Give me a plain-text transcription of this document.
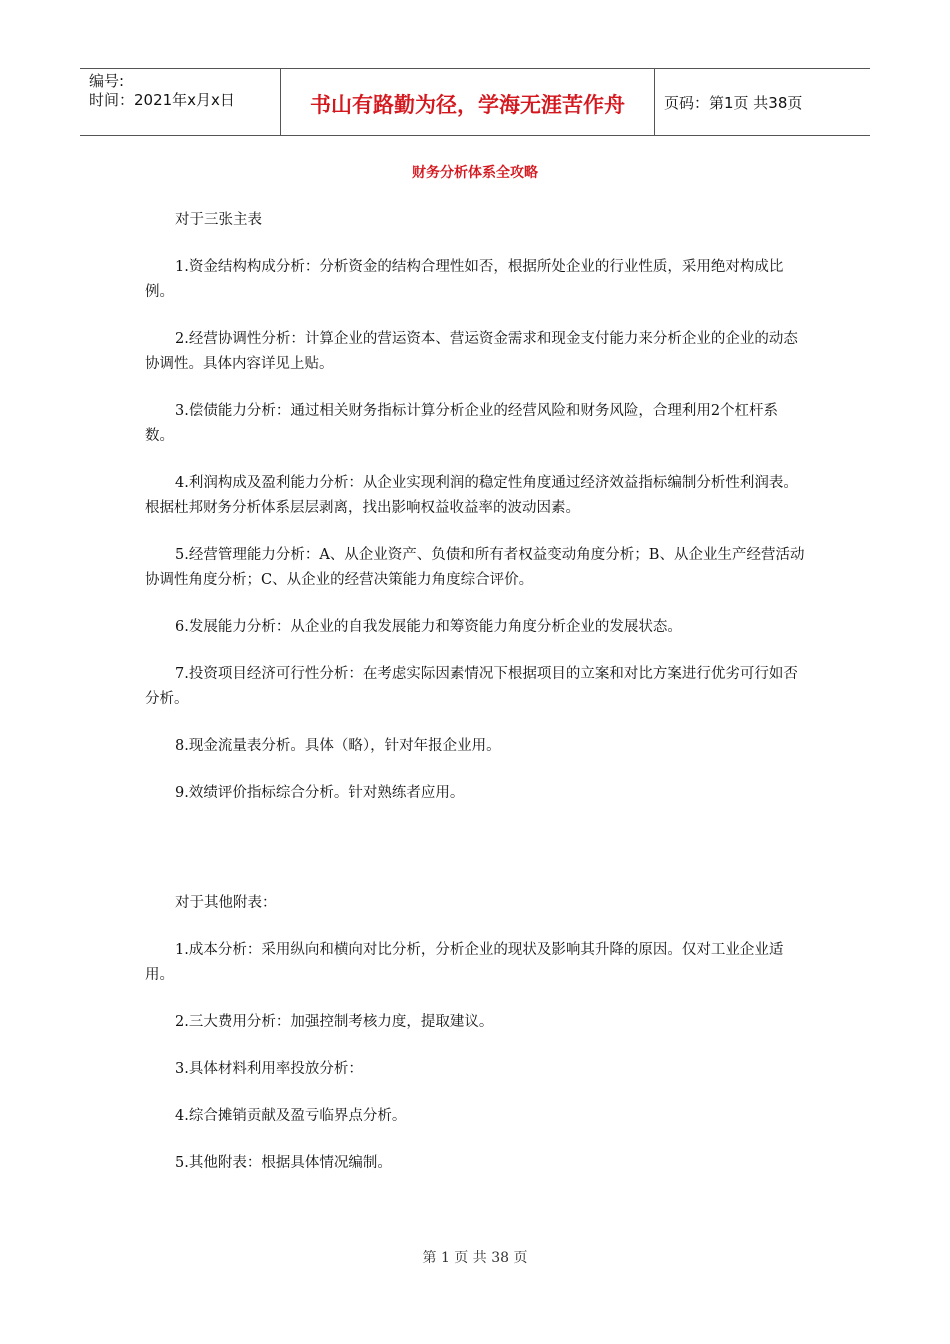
编号:
时间：2021年x月x日	书山有路勤为径，学海无涯苦作舟	页码：第1页 共38页
财务分析体系全攻略

对于三张主表

1.资金结构构成分析：分析资金的结构合理性如否，根据所处企业的行业性质，采用绝对构成比例。

2.经营协调性分析：计算企业的营运资本、营运资金需求和现金支付能力来分析企业的企业的动态协调性。具体内容详见上贴。

3.偿债能力分析：通过相关财务指标计算分析企业的经营风险和财务风险，合理利用2个杠杆系数。

4.利润构成及盈利能力分析：从企业实现利润的稳定性角度通过经济效益指标编制分析性利润表。根据杜邦财务分析体系层层剥离，找出影响权益收益率的波动因素。

5.经营管理能力分析：A、从企业资产、负债和所有者权益变动角度分析；B、从企业生产经营活动协调性角度分析；C、从企业的经营决策能力角度综合评价。

6.发展能力分析：从企业的自我发展能力和筹资能力角度分析企业的发展状态。

7.投资项目经济可行性分析：在考虑实际因素情况下根据项目的立案和对比方案进行优劣可行如否分析。

8.现金流量表分析。具体（略），针对年报企业用。

9.效绩评价指标综合分析。针对熟练者应用。

对于其他附表：

1.成本分析：采用纵向和横向对比分析，分析企业的现状及影响其升降的原因。仅对工业企业适用。

2.三大费用分析：加强控制考核力度，提取建议。

3.具体材料利用率投放分析：

4.综合摊销贡献及盈亏临界点分析。

5.其他附表：根据具体情况编制。

第 1 页 共 38 页
